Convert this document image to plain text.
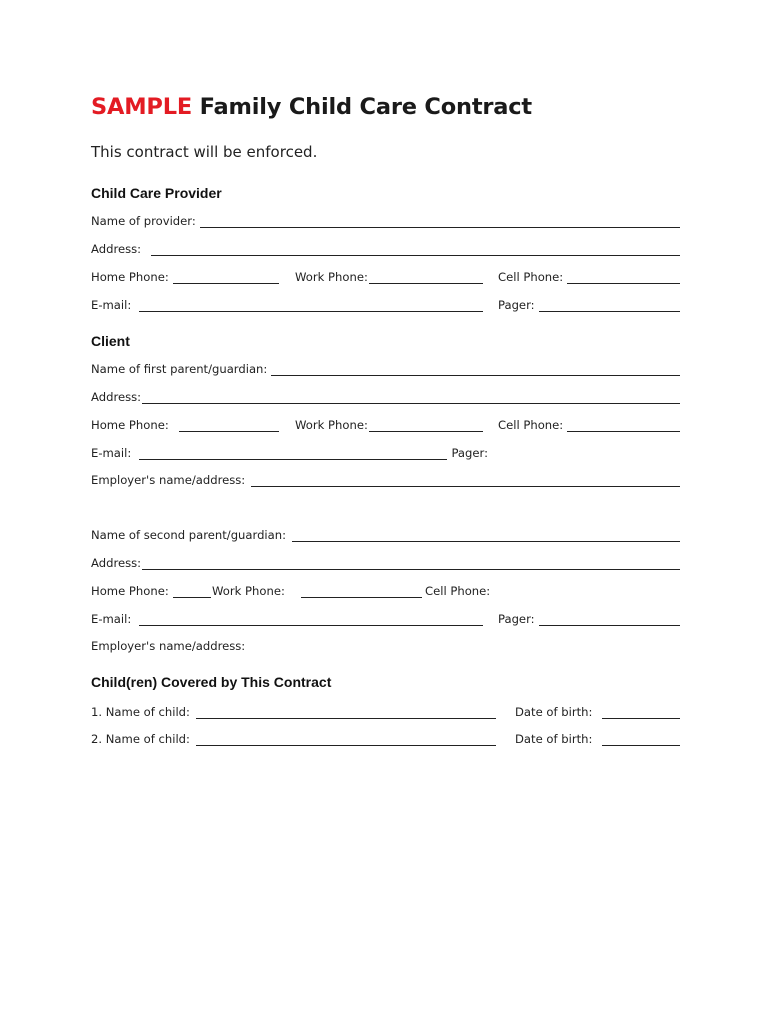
SAMPLE Family Child Care Contract
This contract will be enforced.
Child Care Provider
Name of provider:
Address:
Home Phone:	Work Phone:	Cell Phone:
E-mail:	Pager:
Client
Name of first parent/guardian:
Address:
Home Phone:	Work Phone:	Cell Phone:
E-mail:	Pager:
Employer's name/address:
Name of second parent/guardian:
Address:
Home Phone:	Work Phone:	Cell Phone:
E-mail:	Pager:
Employer's name/address:
Child(ren) Covered by This Contract
1. Name of child:	Date of birth:
2. Name of child:	Date of birth:
